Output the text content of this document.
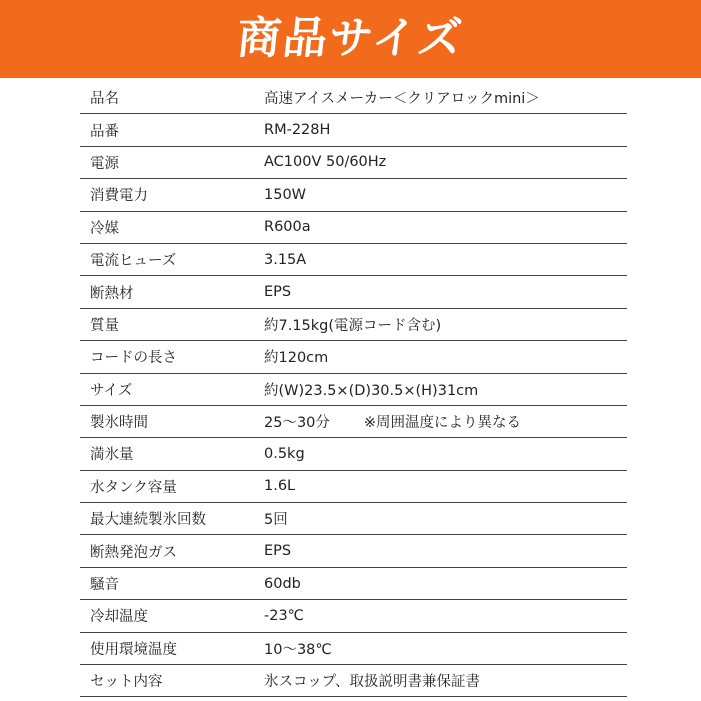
商品サイズ
品名	高速アイスメーカー＜クリアロックmini＞
品番	RM-228H
電源	AC100V 50/60Hz
消費電力	150W
冷媒	R600a
電流ヒューズ	3.15A
断熱材	EPS
質量	約7.15kg(電源コード含む)
コードの長さ	約120cm
サイズ	約(W)23.5×(D)30.5×(H)31cm
製氷時間	25～30分 ※周囲温度により異なる
満氷量	0.5kg
水タンク容量	1.6L
最大連続製氷回数	5回
断熱発泡ガス	EPS
騒音	60db
冷却温度	-23℃
使用環境温度	10～38℃
セット内容	氷スコップ、取扱説明書兼保証書
